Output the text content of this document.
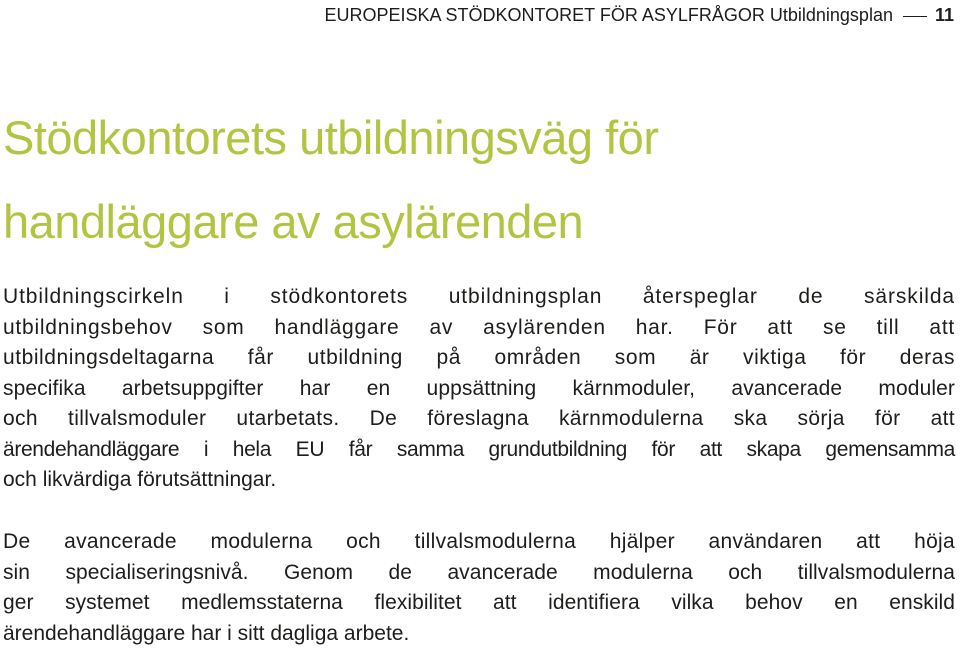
EUROPEISKA STÖDKONTORET FÖR ASYLFRÅGOR Utbildningsplan 11
Stödkontorets utbildningsväg för
handläggare av asylärenden

Utbildningscirkeln i stödkontorets utbildningsplan återspeglar de särskilda
utbildningsbehov som handläggare av asylärenden har. För att se till att
utbildningsdeltagarna får utbildning på områden som är viktiga för deras
specifika arbetsuppgifter har en uppsättning kärnmoduler, avancerade moduler
och tillvalsmoduler utarbetats. De föreslagna kärnmodulerna ska sörja för att
ärendehandläggare i hela EU får samma grundutbildning för att skapa gemensamma
och likvärdiga förutsättningar.

De avancerade modulerna och tillvalsmodulerna hjälper användaren att höja
sin specialiseringsnivå. Genom de avancerade modulerna och tillvalsmodulerna
ger systemet medlemsstaterna flexibilitet att identifiera vilka behov en enskild
ärendehandläggare har i sitt dagliga arbete.
